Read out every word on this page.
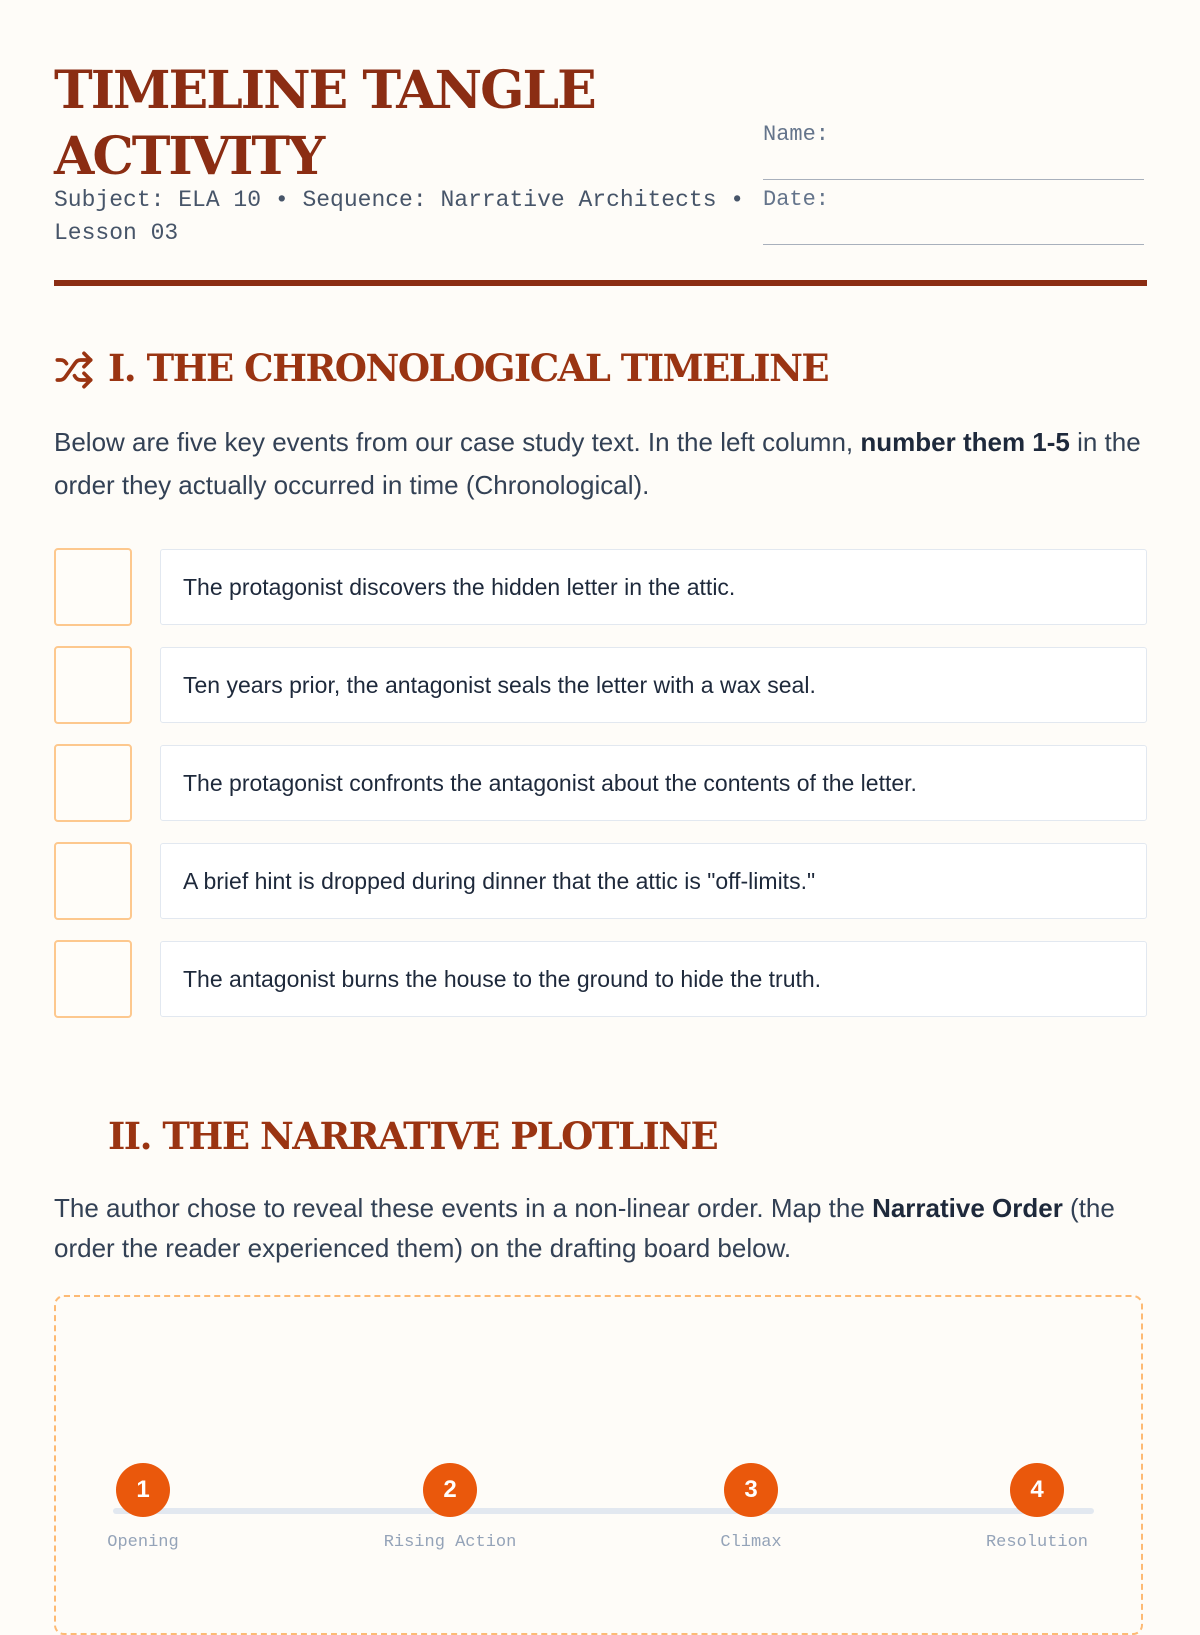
TIMELINE TANGLE ACTIVITY
Subject: ELA 10 • Sequence: Narrative Architects • Lesson 03
Name:
Date:
I. THE CHRONOLOGICAL TIMELINE

Below are five key events from our case study text. In the left column, number them 1-5 in the order they actually occurred in time (Chronological).

The protagonist discovers the hidden letter in the attic.
Ten years prior, the antagonist seals the letter with a wax seal.
The protagonist confronts the antagonist about the contents of the letter.
A brief hint is dropped during dinner that the attic is "off-limits."
The antagonist burns the house to the ground to hide the truth.
II. THE NARRATIVE PLOTLINE

The author chose to reveal these events in a non-linear order. Map the Narrative Order (the order the reader experienced them) on the drafting board below.

1
Opening
2
Rising Action
3
Climax
4
Resolution
